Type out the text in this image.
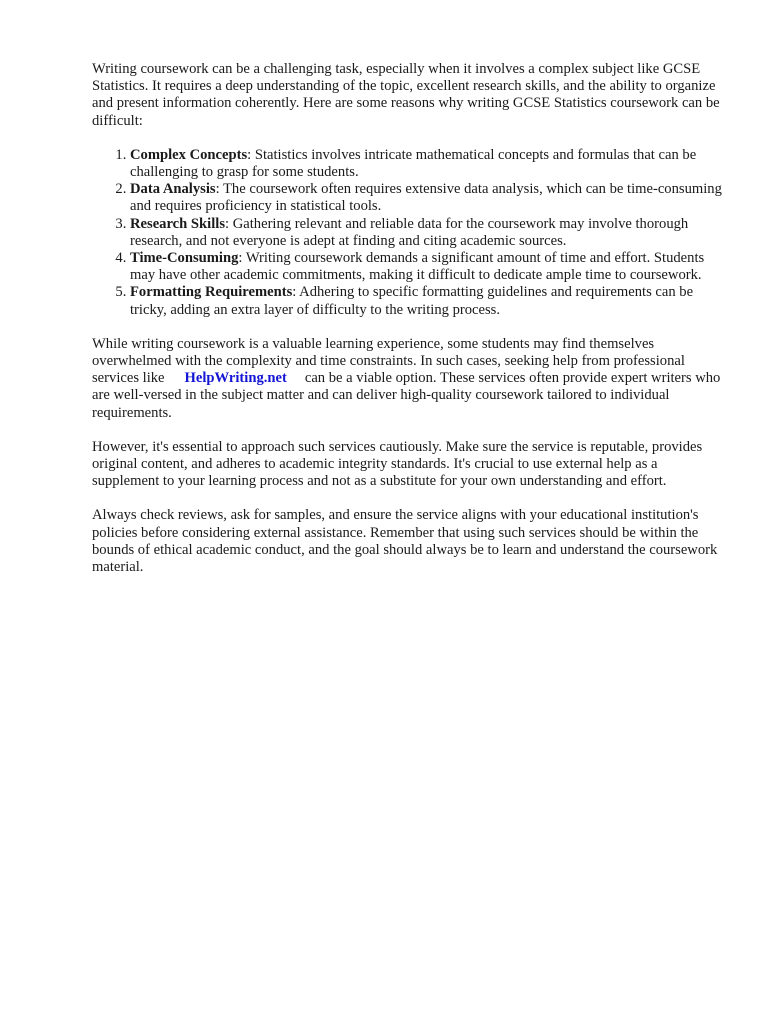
Writing coursework can be a challenging task, especially when it involves a complex subject like GCSE Statistics. It requires a deep understanding of the topic, excellent research skills, and the ability to organize and present information coherently. Here are some reasons why writing GCSE Statistics coursework can be difficult:

1. Complex Concepts: Statistics involves intricate mathematical concepts and formulas that can be challenging to grasp for some students.
2. Data Analysis: The coursework often requires extensive data analysis, which can be time-consuming and requires proficiency in statistical tools.
3. Research Skills: Gathering relevant and reliable data for the coursework may involve thorough research, and not everyone is adept at finding and citing academic sources.
4. Time-Consuming: Writing coursework demands a significant amount of time and effort. Students may have other academic commitments, making it difficult to dedicate ample time to coursework.
5. Formatting Requirements: Adhering to specific formatting guidelines and requirements can be tricky, adding an extra layer of difficulty to the writing process.

While writing coursework is a valuable learning experience, some students may find themselves overwhelmed with the complexity and time constraints. In such cases, seeking help from professional services like HelpWriting.net can be a viable option. These services often provide expert writers who are well-versed in the subject matter and can deliver high-quality coursework tailored to individual requirements.

However, it's essential to approach such services cautiously. Make sure the service is reputable, provides original content, and adheres to academic integrity standards. It's crucial to use external help as a supplement to your learning process and not as a substitute for your own understanding and effort.

Always check reviews, ask for samples, and ensure the service aligns with your educational institution's policies before considering external assistance. Remember that using such services should be within the bounds of ethical academic conduct, and the goal should always be to learn and understand the coursework material.
